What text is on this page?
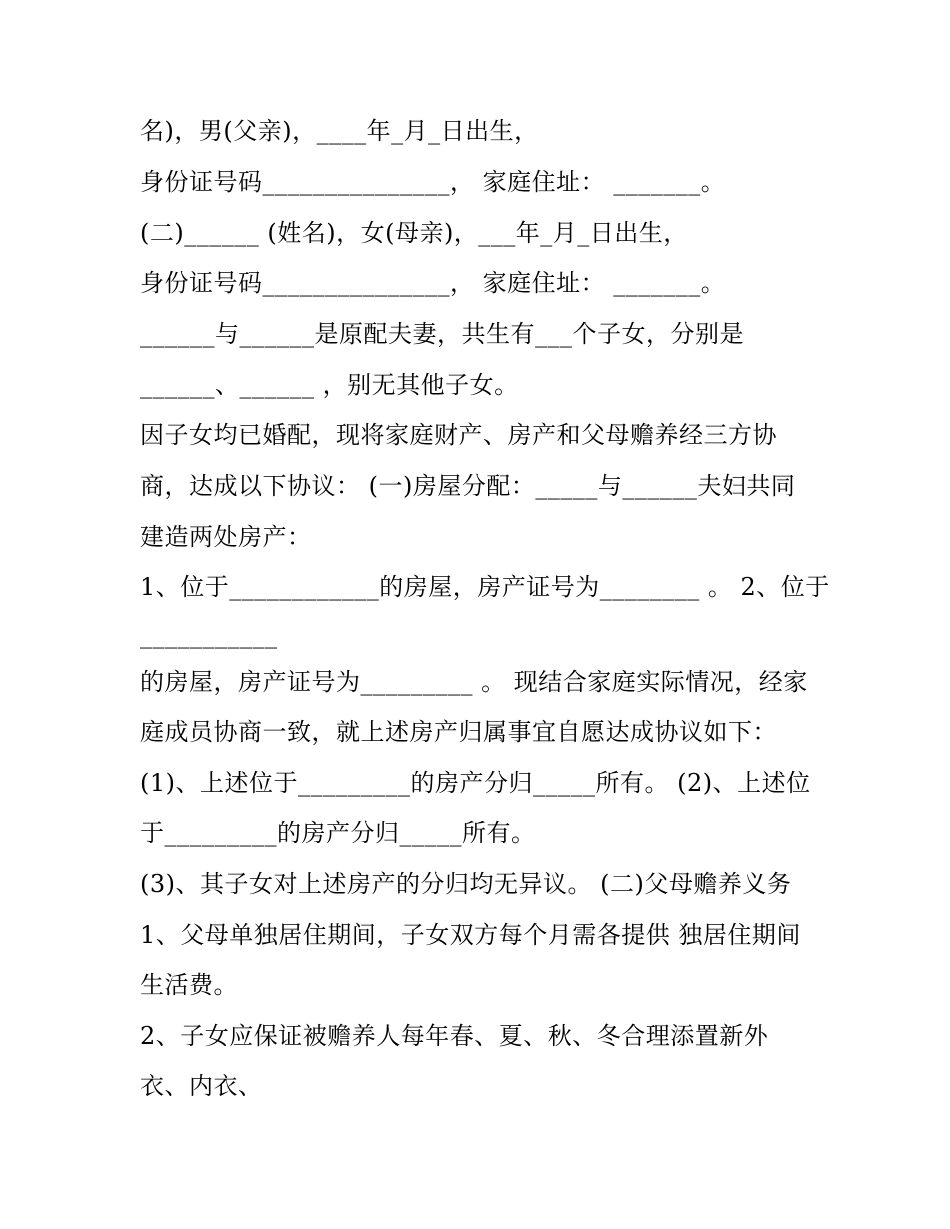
名)，男(父亲)，____年_月_日出生，
身份证号码_______________， 家庭住址： _______。
(二)______ (姓名)，女(母亲)，___年_月_日出生，
身份证号码_______________， 家庭住址： _______。
______与______是原配夫妻，共生有___个子女，分别是
______、______ ，别无其他子女。
因子女均已婚配，现将家庭财产、房产和父母赡养经三方协
商，达成以下协议： (一)房屋分配：_____与______夫妇共同
建造两处房产：
1、位于____________的房屋，房产证号为________ 。 2、位于
___________
的房屋，房产证号为_________ 。 现结合家庭实际情况，经家
庭成员协商一致，就上述房产归属事宜自愿达成协议如下：
(1)、上述位于_________的房产分归_____所有。 (2)、上述位
于_________的房产分归_____所有。
(3)、其子女对上述房产的分归均无异议。 (二)父母赡养义务
1、父母单独居住期间，子女双方每个月需各提供 独居住期间
生活费。
2、子女应保证被赡养人每年春、夏、秋、冬合理添置新外
衣、内衣、
